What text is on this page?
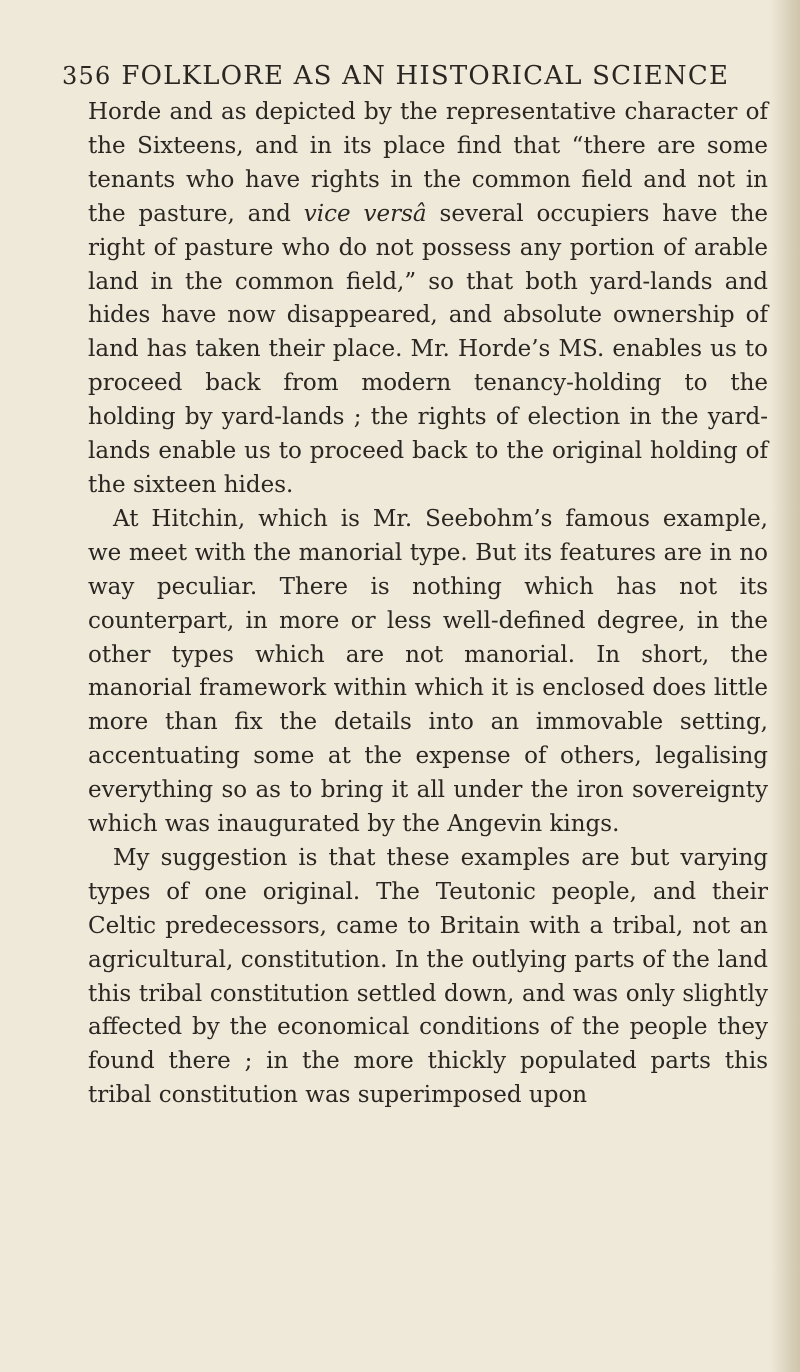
356 FOLKLORE AS AN HISTORICAL SCIENCE

Horde and as depicted by the representative character of the Sixteens, and in its place find that “there are some tenants who have rights in the common field and not in the pasture, and vice versâ several occupiers have the right of pasture who do not possess any portion of arable land in the common field,” so that both yard-lands and hides have now disappeared, and absolute ownership of land has taken their place. Mr. Horde’s MS. enables us to proceed back from modern tenancy-holding to the holding by yard-lands ; the rights of election in the yard-lands enable us to proceed back to the original holding of the sixteen hides.

At Hitchin, which is Mr. Seebohm’s famous example, we meet with the manorial type. But its features are in no way peculiar. There is nothing which has not its counterpart, in more or less well-defined degree, in the other types which are not manorial. In short, the manorial framework within which it is enclosed does little more than fix the details into an immovable setting, accentuating some at the expense of others, legalising everything so as to bring it all under the iron sovereignty which was inaugurated by the Angevin kings.

My suggestion is that these examples are but varying types of one original. The Teutonic people, and their Celtic predecessors, came to Britain with a tribal, not an agricultural, constitution. In the outlying parts of the land this tribal constitution settled down, and was only slightly affected by the economical conditions of the people they found there ; in the more thickly populated parts this tribal constitution was superimposed upon
